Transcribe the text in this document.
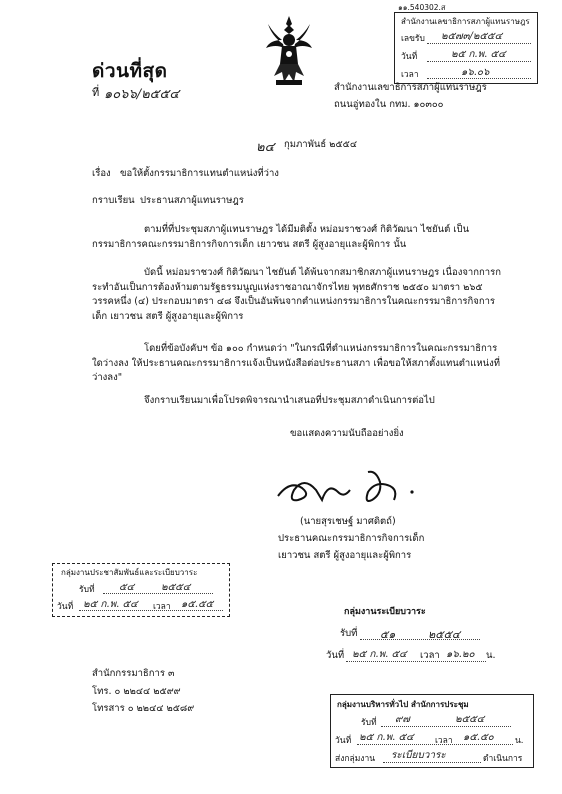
๑๑.540302.ส
สำนักงานเลขาธิการสภาผู้แทนราษฎร
เลขรับ ๒๕๗๓/๒๕๕๔
วันที่	๒๕ ก.พ. ๕๔
เวลา	๑๖.๐๖
ด่วนที่สุด
ที่ ๑๐๖๖/๒๕๕๔	สำนักงานเลขาธิการสภาผู้แทนราษฎร
ถนนอู่ทองใน กทม. ๑๐๓๐๐
๒๔ กุมภาพันธ์ ๒๕๕๔
เรื่อง ขอให้ตั้งกรรมาธิการแทนตำแหน่งที่ว่าง
กราบเรียน ประธานสภาผู้แทนราษฎร
ตามที่ที่ประชุมสภาผู้แทนราษฎร ได้มีมติตั้ง หม่อมราชวงศ์ กิติวัฒนา ไชยันต์ เป็นกรรมาธิการคณะกรรมาธิการกิจการเด็ก เยาวชน สตรี ผู้สูงอายุและผู้พิการ นั้น
บัดนี้ หม่อมราชวงศ์ กิติวัฒนา ไชยันต์ ได้พ้นจากสมาชิกสภาผู้แทนราษฎร เนื่องจากการกระทำอันเป็นการต้องห้ามตามรัฐธรรมนูญแห่งราชอาณาจักรไทย พุทธศักราช ๒๕๕๐ มาตรา ๒๖๕ วรรคหนึ่ง (๔) ประกอบมาตรา ๔๘ จึงเป็นอันพ้นจากตำแหน่งกรรมาธิการในคณะกรรมาธิการกิจการเด็ก เยาวชน สตรี ผู้สูงอายุและผู้พิการ
โดยที่ข้อบังคับฯ ข้อ ๑๐๐ กำหนดว่า "ในกรณีที่ตำแหน่งกรรมาธิการในคณะกรรมาธิการใดว่างลง ให้ประธานคณะกรรมาธิการแจ้งเป็นหนังสือต่อประธานสภา เพื่อขอให้สภาตั้งแทนตำแหน่งที่ว่างลง"
จึงกราบเรียนมาเพื่อโปรดพิจารณานำเสนอที่ประชุมสภาดำเนินการต่อไป
ขอแสดงความนับถืออย่างยิ่ง
(นายสุรเชษฐ์ มาศดิตถ์)
ประธานคณะกรรมาธิการกิจการเด็ก
เยาวชน สตรี ผู้สูงอายุและผู้พิการ
กลุ่มงานประชาสัมพันธ์และระเบียบวาระ
รับที่ ๕๔	๒๕๕๔
วันที่ ๒๕ ก.พ. ๕๔ เวลา ๑๕.๕๕
กลุ่มงานระเบียบวาระ
รับที่ ๕๑	๒๕๕๔
วันที่ ๒๕ ก.พ. ๕๔ เวลา ๑๖.๒๐ น.
สำนักกรรมาธิการ ๓
โทร. ๐ ๒๒๔๔ ๒๕๙๙
โทรสาร ๐ ๒๒๔๔ ๒๕๘๙	กลุ่มงานบริหารทั่วไป สำนักการประชุม
รับที่ ๙๗	๒๕๕๔
วันที่ ๒๕ ก.พ. ๕๔	เวลา ๑๕.๕๐ น.
ส่งกลุ่มงาน ระเบียบวาระ	ดำเนินการ
